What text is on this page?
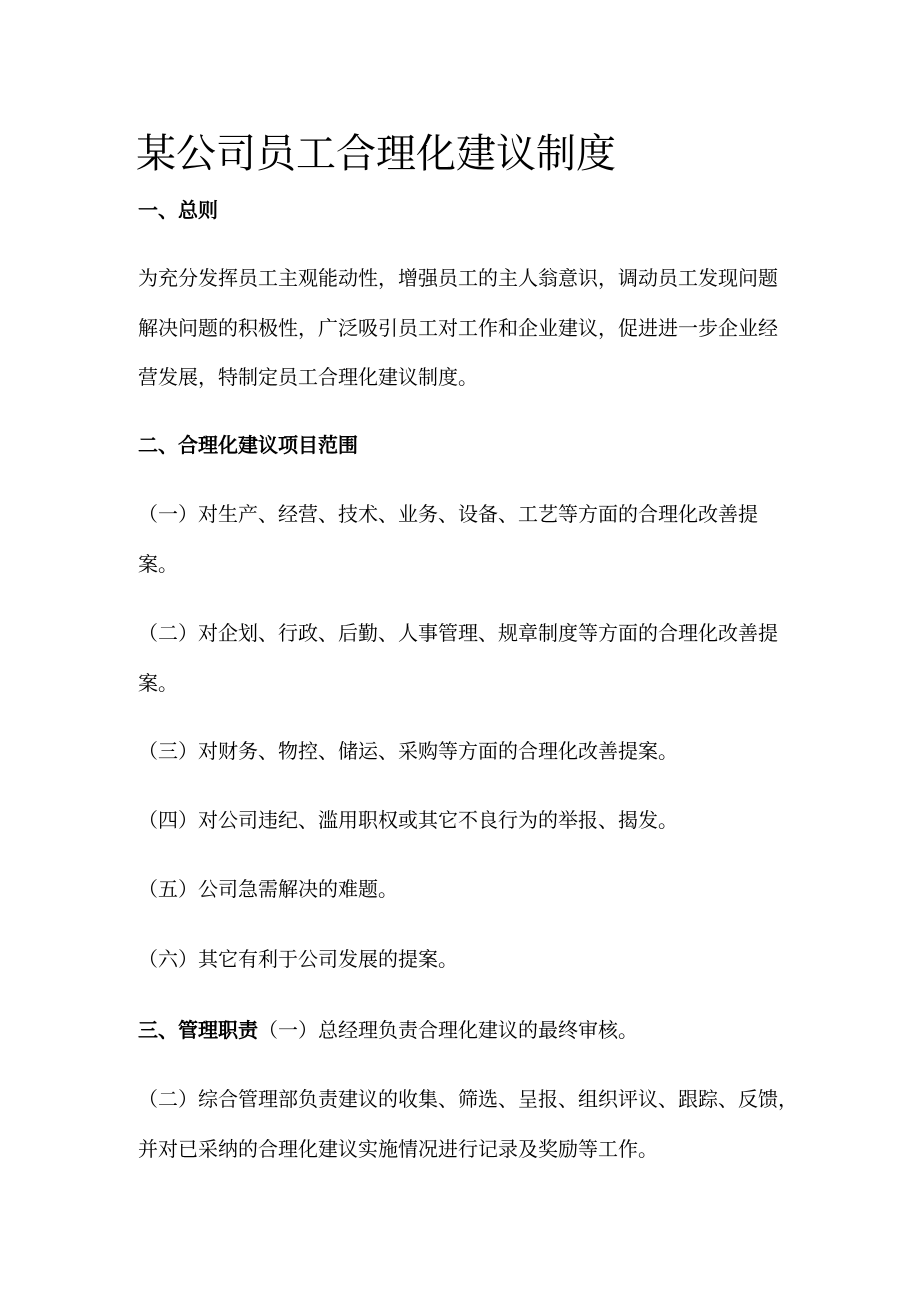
某公司员工合理化建议制度

一、总则

为充分发挥员工主观能动性，增强员工的主人翁意识，调动员工发现问题

解决问题的积极性，广泛吸引员工对工作和企业建议，促进进一步企业经

营发展，特制定员工合理化建议制度。

二、合理化建议项目范围

（一）对生产、经营、技术、业务、设备、工艺等方面的合理化改善提

案。

（二）对企划、行政、后勤、人事管理、规章制度等方面的合理化改善提

案。

（三）对财务、物控、储运、采购等方面的合理化改善提案。

（四）对公司违纪、滥用职权或其它不良行为的举报、揭发。

（五）公司急需解决的难题。

（六）其它有利于公司发展的提案。

三、管理职责（一）总经理负责合理化建议的最终审核。

（二）综合管理部负责建议的收集、筛选、呈报、组织评议、跟踪、反馈，

并对已采纳的合理化建议实施情况进行记录及奖励等工作。
